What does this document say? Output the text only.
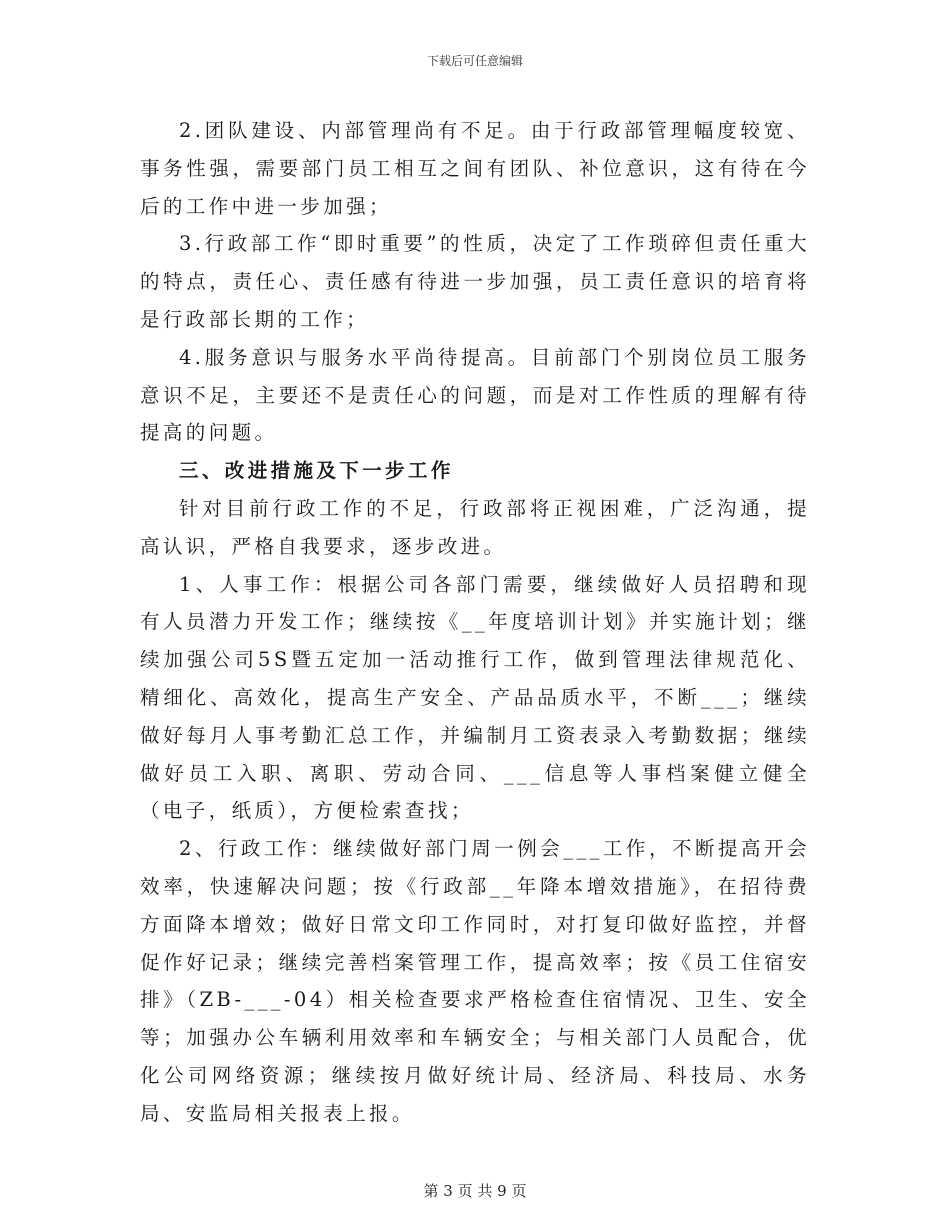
下载后可任意编辑

2.团队建设、内部管理尚有不足。由于行政部管理幅度较宽、事务性强，需要部门员工相互之间有团队、补位意识，这有待在今后的工作中进一步加强；

3.行政部工作“即时重要”的性质，决定了工作琐碎但责任重大的特点，责任心、责任感有待进一步加强，员工责任意识的培育将是行政部长期的工作；

4.服务意识与服务水平尚待提高。目前部门个别岗位员工服务意识不足，主要还不是责任心的问题，而是对工作性质的理解有待提高的问题。

三、改进措施及下一步工作

针对目前行政工作的不足，行政部将正视困难，广泛沟通，提高认识，严格自我要求，逐步改进。

1、人事工作：根据公司各部门需要，继续做好人员招聘和现有人员潜力开发工作；继续按《__年度培训计划》并实施计划；继续加强公司5S暨五定加一活动推行工作，做到管理法律规范化、精细化、高效化，提高生产安全、产品品质水平，不断___；继续做好每月人事考勤汇总工作，并编制月工资表录入考勤数据；继续做好员工入职、离职、劳动合同、___信息等人事档案健立健全（电子，纸质），方便检索查找；

2、行政工作：继续做好部门周一例会___工作，不断提高开会效率，快速解决问题；按《行政部__年降本增效措施》，在招待费方面降本增效；做好日常文印工作同时，对打复印做好监控，并督促作好记录；继续完善档案管理工作，提高效率；按《员工住宿安排》（ZB-___-04）相关检查要求严格检查住宿情况、卫生、安全等；加强办公车辆利用效率和车辆安全；与相关部门人员配合，优化公司网络资源；继续按月做好统计局、经济局、科技局、水务局、安监局相关报表上报。

第 3 页 共 9 页
